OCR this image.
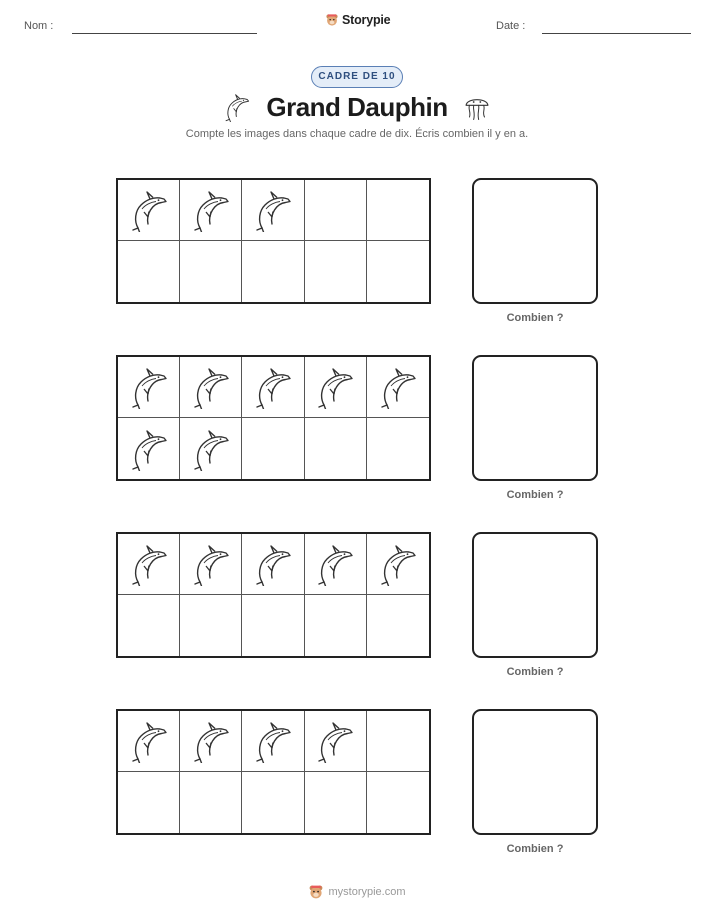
Nom :	Storypie	Date :
CADRE DE 10
Grand Dauphin
Compte les images dans chaque cadre de dix. Écris combien il y en a.
Combien ?
Combien ?
Combien ?
Combien ?
mystorypie.com
